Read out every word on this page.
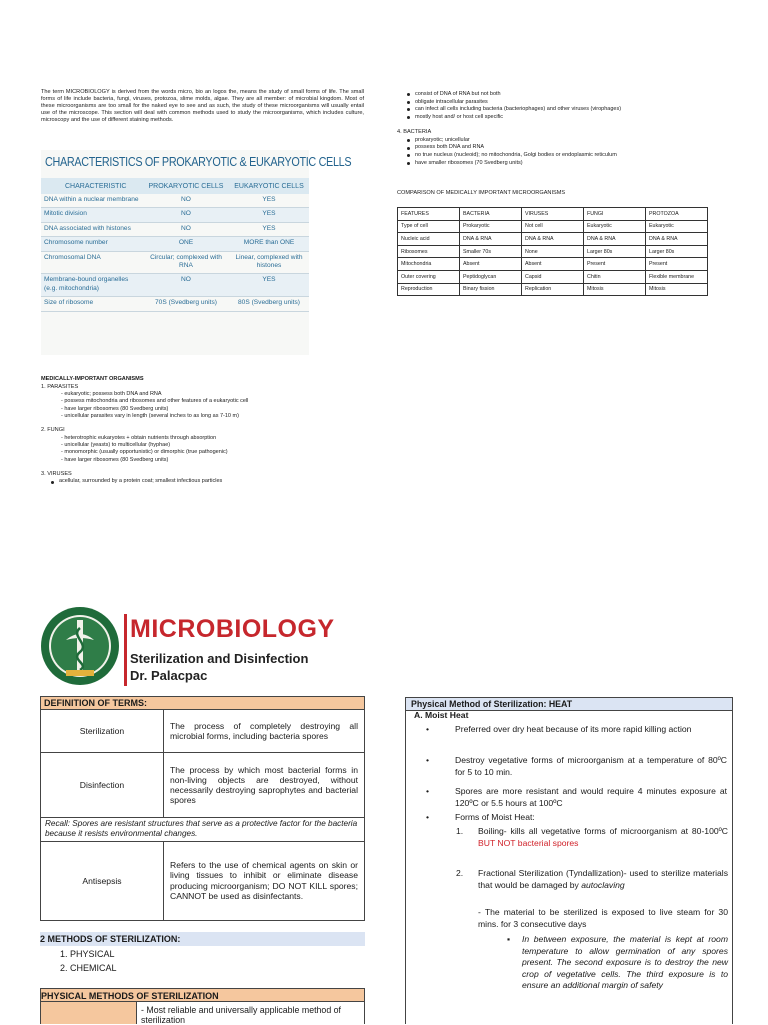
The term MICROBIOLOGY is derived from the words micro, bio an logos the, means the study of small forms of life. The small forms of life include bacteria, fungi, viruses, protozoa, slime molds, algae. They are all member: of microbial kingdom. Most of these microorganisms are too small for the naked eye to see and as such, the study of these microorganisms will usually entail use of the microscope. This section will deal with common methods used to study the microorganisms, which includes culture, microscopy and the use of different staining methods.
CHARACTERISTICS OF PROKARYOTIC & EUKARYOTIC CELLS
CHARACTERISTIC	PROKARYOTIC CELLS	EUKARYOTIC CELLS
DNA within a nuclear membrane	NO	YES
Mitotic division	NO	YES
DNA associated with histones	NO	YES
Chromosome number	ONE	MORE than ONE
Chromosomal DNA	Circular; complexed with RNA	Linear, complexed with histones
Membrane-bound organelles (e.g. mitochondria)	NO	YES
Size of ribosome	70S (Svedberg units)	80S (Svedberg units)
MEDICALLY-IMPORTANT ORGANISMS
1. PARASITES
- eukaryotic; possess both DNA and RNA
- possess mitochondria and ribosomes and other features of a eukaryotic cell
- have larger ribosomes (80 Svedberg units)
- unicellular parasites vary in length (several inches to as long as 7-10 m)
2. FUNGI
- heterotrophic eukaryotes + obtain nutrients through absorption
- unicellular (yeasts) to multicellular (hyphae)
- monomorphic (usually opportunistic) or dimorphic (true pathogenic)
- have larger ribosomes (80 Svedberg units)
3. VIRUSES
acellular, surrounded by a protein coat; smallest infectious particles
consist of DNA of RNA but not both
obligate intracellular parasites
can infect all cells including bacteria (bacteriophages) and other viruses (virophages)
mostly host and/ or host cell specific
4. BACTERIA
prokaryotic; unicellular
possess both DNA and RNA
no true nucleus (nucleoid); no mitochondria, Golgi bodies or endoplasmic reticulum
have smaller ribosomes (70 Svedberg units)
COMPARISON OF MEDICALLY IMPORTANT MICROORGANISMS
FEATURES	BACTERIA	VIRUSES	FUNGI	PROTOZOA
Type of cell	Prokaryotic	Not cell	Eukaryotic	Eukaryotic
Nucleic acid	DNA & RNA	DNA & RNA	DNA & RNA	DNA & RNA
Ribosomes	Smaller 70s	None	Larger 80s	Larger 80s
Mitochondria	Absent	Absent	Present	Present
Outer covering	Peptidoglycan	Capsid	Chitin	Flexible membrane
Reproduction	Binary fission	Replication	Mitosis	Mitosis
MICROBIOLOGY
Sterilization and Disinfection
Dr. Palacpac
DEFINITION OF TERMS:	
Sterilization	The process of completely destroying all microbial forms, including bacteria spores
Disinfection	The process by which most bacterial forms in non-living objects are destroyed, without necessarily destroying saprophytes and bacterial spores
Recall: Spores are resistant structures that serve as a protective factor for the bacteria because it resists environmental changes.	
Antisepsis	Refers to the use of chemical agents on skin or living tissues to inhibit or eliminate disease producing microorganism; DO NOT KILL spores; CANNOT be used as disinfectants.
2 METHODS OF STERILIZATION:
1. PHYSICAL
2. CHEMICAL
PHYSICAL METHODS OF STERILIZATION
- Most reliable and universally applicable method of sterilization
Physical Method of Sterilization: HEAT
A. Moist Heat
•	Preferred over dry heat because of its more rapid killing action
•	Destroy vegetative forms of microorganism at a temperature of 80ºC for 5 to 10 min.
•	Spores are more resistant and would require 4 minutes exposure at 120ºC or 5.5 hours at 100ºC
•	Forms of Moist Heat:
1. Boiling- kills all vegetative forms of microorganism at 80-100ºC BUT NOT bacterial spores
2. Fractional Sterilization (Tyndallization)- used to sterilize materials that would be damaged by autoclaving
- The material to be sterilized is exposed to live steam for 30 mins. for 3 consecutive days
▪ In between exposure, the material is kept at room temperature to allow germination of any spores present. The second exposure is to destroy the new crop of vegetative cells. The third exposure is to ensure an additional margin of safety
